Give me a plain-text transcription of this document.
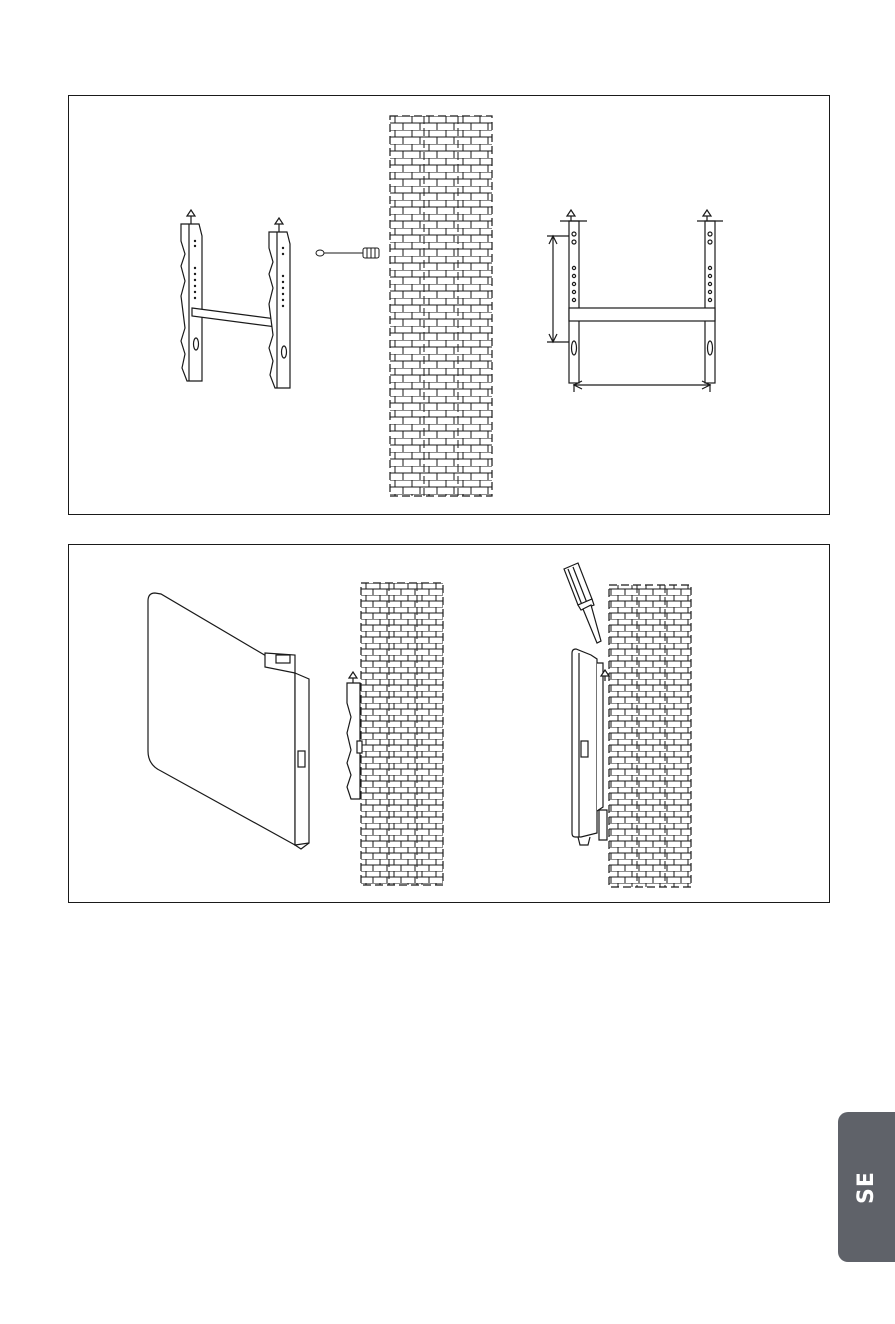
SE
